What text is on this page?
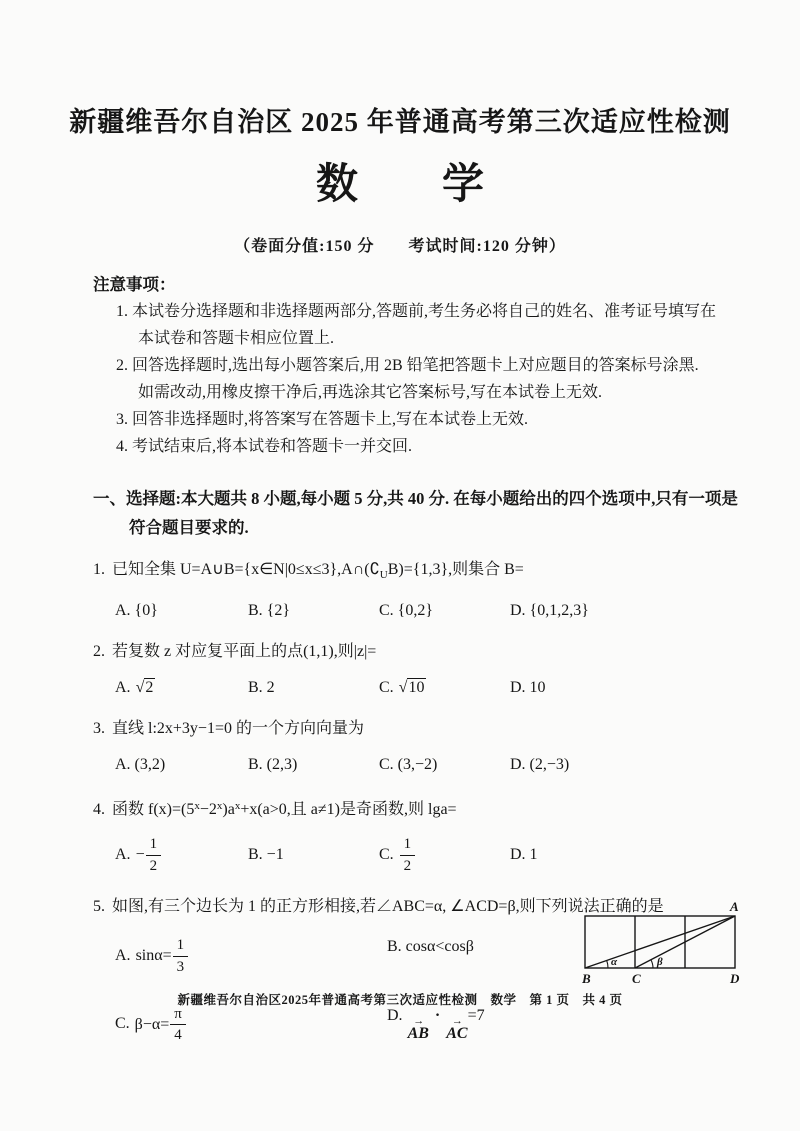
新疆维吾尔自治区 2025 年普通高考第三次适应性检测
数　　学
（卷面分值:150 分　　考试时间:120 分钟）
注意事项：
1. 本试卷分选择题和非选择题两部分,答题前,考生务必将自己的姓名、准考证号填写在
本试卷和答题卡相应位置上.
2. 回答选择题时,选出每小题答案后,用 2B 铅笔把答题卡上对应题目的答案标号涂黑.
如需改动,用橡皮擦干净后,再选涂其它答案标号,写在本试卷上无效.
3. 回答非选择题时,将答案写在答题卡上,写在本试卷上无效.
4. 考试结束后,将本试卷和答题卡一并交回.
一、选择题:本大题共 8 小题,每小题 5 分,共 40 分. 在每小题给出的四个选项中,只有一项是
符合题目要求的.
1. 已知全集 $U=A\cup B=\{x\in N|0\le x\le 3\},A\cap(∁_UB)=\{1,3\}$,则集合 B=
A. {0}	B. {2}	C. {0,2}	D. {0,1,2,3}
2. 若复数 z 对应复平面上的点(1,1),则|z|=
A. √2	B. 2	C. √10	D. 10
3. 直线 l:2x+3y−1=0 的一个方向向量为
A. (3,2)	B. (2,3)	C. (3,−2)	D. (2,−3)
4. 函数 $f(x)=(5^x-2^x)a^x+x(a>0$,且 a≠1)是奇函数,则 lga=
A. − $\frac{1}{2}$	B. −1	C. $\frac{1}{2}$	D. 1
5. 如图,有三个边长为 1 的正方形相接,若∠ABC=α, ∠ACD=β,则下列说法正确的是
A. $\sin\alpha= \frac{1}{3}$	B. cosα<cosβ
C. $\beta-\alpha= \frac{\pi}{4}$	D. →
AB
· →
AC
=7
A
B	C	D
α	β
新疆维吾尔自治区2025年普通高考第三次适应性检测　数学　第 1 页　共 4 页
